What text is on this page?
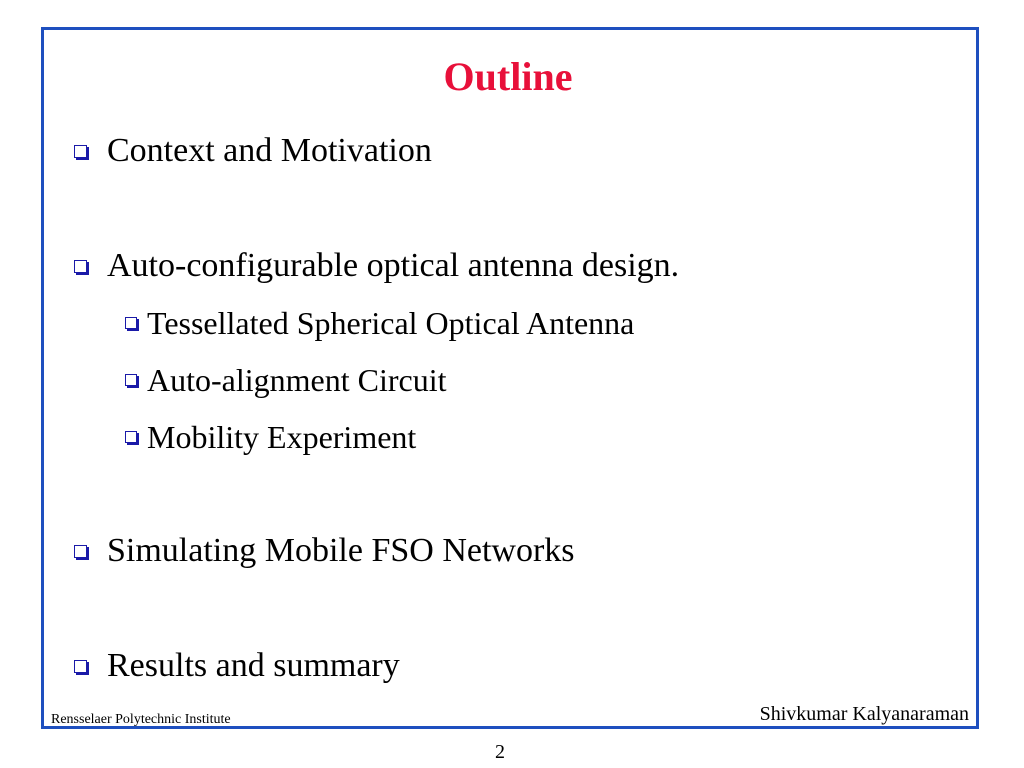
Outline
Context and Motivation
Auto-configurable optical antenna design.
Tessellated Spherical Optical Antenna
Auto-alignment Circuit
Mobility Experiment
Simulating Mobile FSO Networks
Results and summary
Rensselaer Polytechnic Institute	Shivkumar Kalyanaraman
2
